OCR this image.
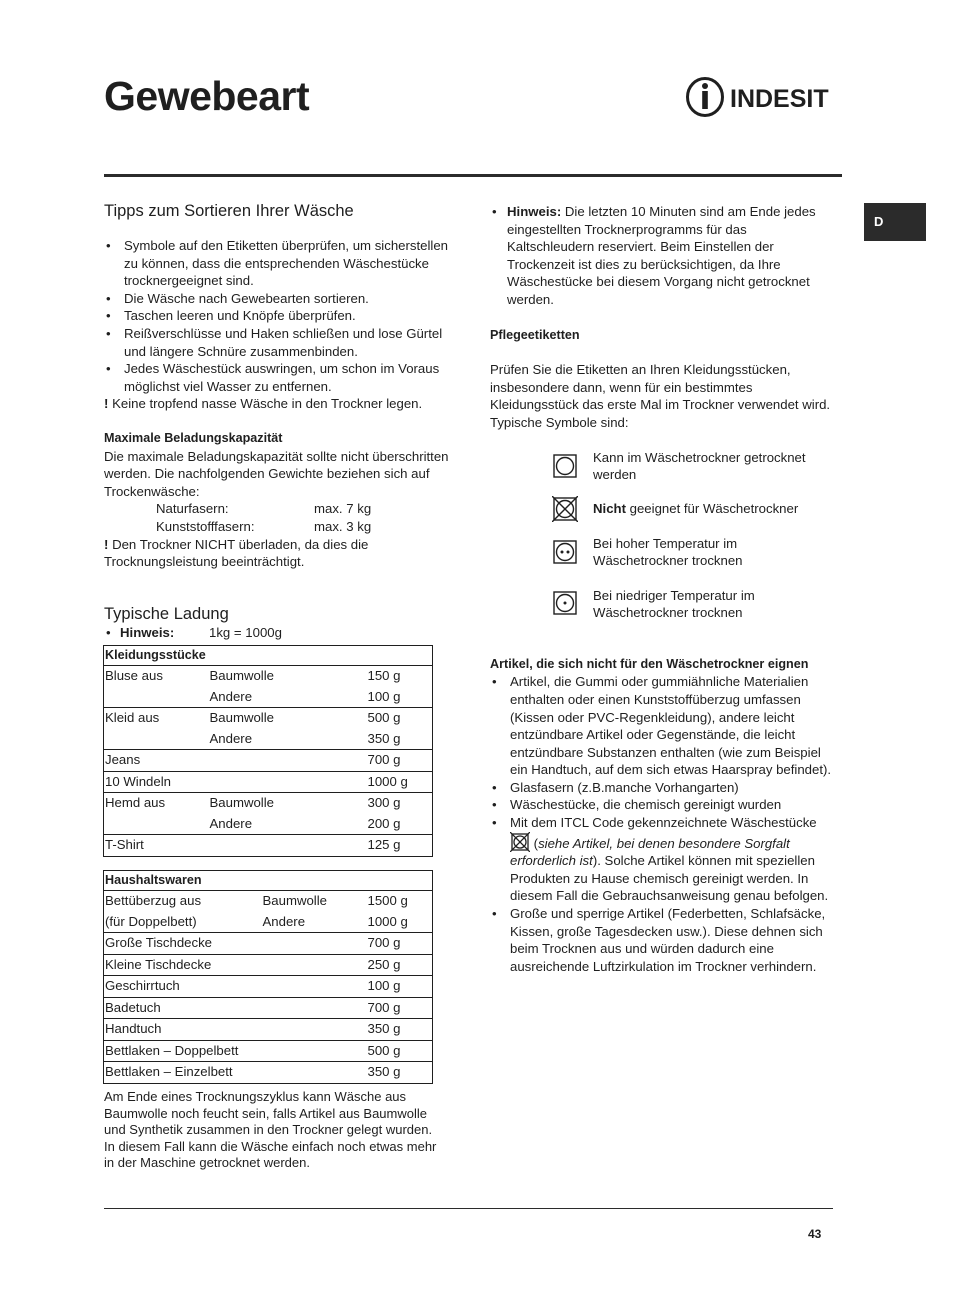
Gewebeart	INDESIT
D
Tipps zum Sortieren Ihrer Wäsche
• Symbole auf den Etiketten überprüfen, um sicherstellen zu können, dass die entsprechenden Wäschestücke trocknergeeignet sind.
• Die Wäsche nach Gewebearten sortieren.
• Taschen leeren und Knöpfe überprüfen.
• Reißverschlüsse und Haken schließen und lose Gürtel und längere Schnüre zusammenbinden.
• Jedes Wäschestück auswringen, um schon im Voraus möglichst viel Wasser zu entfernen.

! Keine tropfend nasse Wäsche in den Trockner legen.

Maximale Beladungskapazität

Die maximale Beladungskapazität sollte nicht überschritten werden. Die nachfolgenden Gewichte beziehen sich auf Trockenwäsche:

Naturfasern:	max. 7 kg
Kunststofffasern:	max. 3 kg

! Den Trockner NICHT überladen, da dies die Trocknungsleistung beeinträchtigt.

Typische Ladung
• Hinweis:	1kg = 1000g
Kleidungsstücke		
Bluse aus	Baumwolle	150 g
	Andere	100 g
Kleid aus	Baumwolle	500 g
	Andere	350 g
Jeans		700 g
10 Windeln		1000 g
Hemd aus	Baumwolle	300 g
	Andere	200 g
T-Shirt		125 g
Haushaltswaren		
Bettüberzug aus	Baumwolle	1500 g
(für Doppelbett)	Andere	1000 g
Große Tischdecke		700 g
Kleine Tischdecke		250 g
Geschirrtuch		100 g
Badetuch		700 g
Handtuch		350 g
Bettlaken – Doppelbett		500 g
Bettlaken – Einzelbett		350 g

Am Ende eines Trocknungszyklus kann Wäsche aus Baumwolle noch feucht sein, falls Artikel aus Baumwolle und Synthetik zusammen in den Trockner gelegt wurden. In diesem Fall kann die Wäsche einfach noch etwas mehr in der Maschine getrocknet werden.

• Hinweis: Die letzten 10 Minuten sind am Ende jedes eingestellten Trocknerprogramms für das Kaltschleudern reserviert. Beim Einstellen der Trockenzeit ist dies zu berücksichtigen, da Ihre Wäschestücke bei diesem Vorgang nicht getrocknet werden.
Pflegeetiketten

Prüfen Sie die Etiketten an Ihren Kleidungsstücken, insbesondere dann, wenn für ein bestimmtes Kleidungsstück das erste Mal im Trockner verwendet wird. Typische Symbole sind:

Kann im Wäschetrockner getrocknet werden
Nicht geeignet für Wäschetrockner
Bei hoher Temperatur im Wäschetrockner trocknen
Bei niedriger Temperatur im Wäschetrockner trocknen
Artikel, die sich nicht für den Wäschetrockner eignen
• Artikel, die Gummi oder gummiähnliche Materialien enthalten oder einen Kunststoffüberzug umfassen (Kissen oder PVC-Regenkleidung), andere leicht entzündbare Artikel oder Gegenstände, die leicht entzündbare Substanzen enthalten (wie zum Beispiel ein Handtuch, auf dem sich etwas Haarspray befindet).
• Glasfasern (z.B.manche Vorhangarten)
• Wäschestücke, die chemisch gereinigt wurden
• Mit dem ITCL Code gekennzeichnete Wäschestücke  (siehe Artikel, bei denen besondere Sorgfalt erforderlich ist). Solche Artikel können mit speziellen Produkten zu Hause chemisch gereinigt werden. In diesem Fall die Gebrauchsanweisung genau befolgen.
• Große und sperrige Artikel (Federbetten, Schlafsäcke, Kissen, große Tagesdecken usw.). Diese dehnen sich beim Trocknen aus und würden dadurch eine ausreichende Luftzirkulation im Trockner verhindern.
43
